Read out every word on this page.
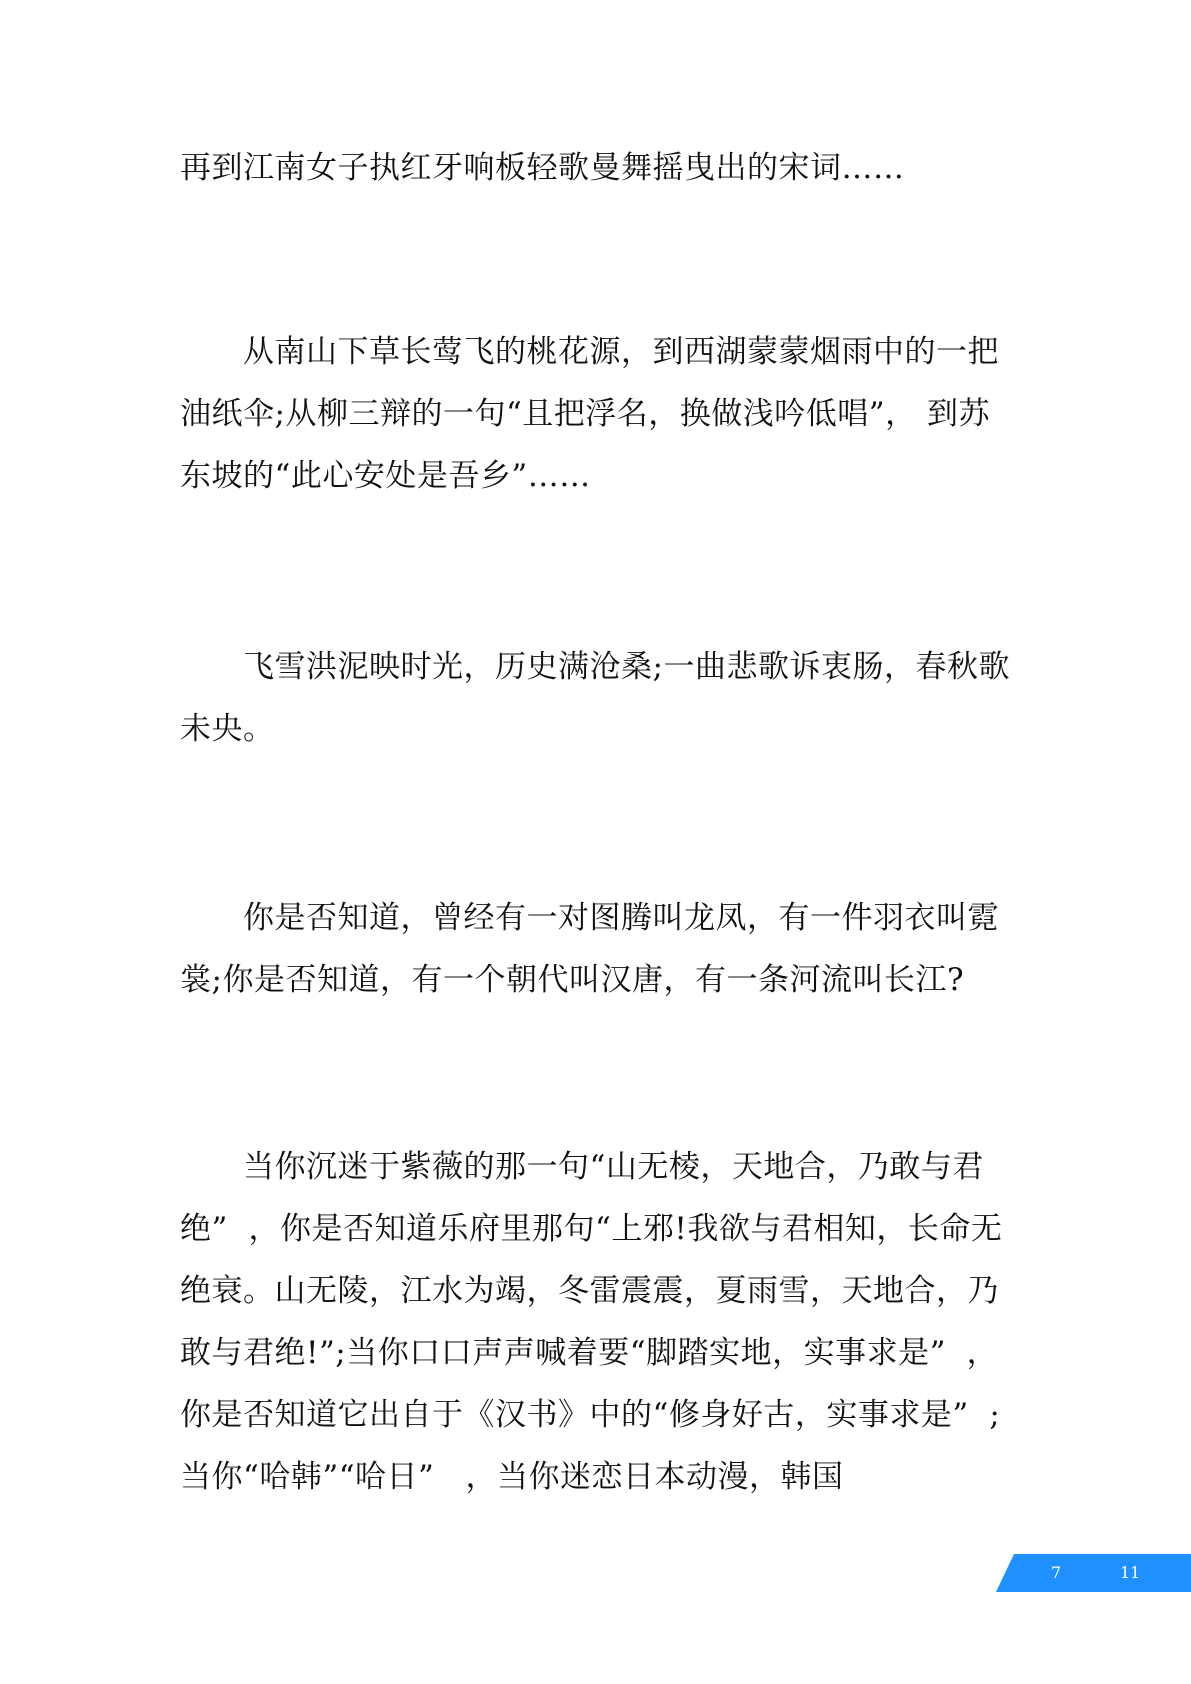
再到江南女子执红牙响板轻歌曼舞摇曳出的宋词……

从南山下草长莺飞的桃花源，到西湖蒙蒙烟雨中的一把油纸伞;从柳三辩的一句“且把浮名，换做浅吟低唱”， 到苏东坡的“此心安处是吾乡”……

飞雪洪泥映时光，历史满沧桑;一曲悲歌诉衷肠，春秋歌未央。

你是否知道，曾经有一对图腾叫龙凤，有一件羽衣叫霓裳;你是否知道，有一个朝代叫汉唐，有一条河流叫长江?

当你沉迷于紫薇的那一句“山无棱，天地合，乃敢与君绝”  ，你是否知道乐府里那句“上邪!我欲与君相知，长命无绝衰。山无陵，江水为竭，冬雷震震，夏雨雪，天地合，乃敢与君绝!”;当你口口声声喊着要“脚踏实地，实事求是”  ，你是否知道它出自于《汉书》中的“修身好古，实事求是”  ;当你“哈韩”“哈日”   ，当你迷恋日本动漫，韩国

7	11
